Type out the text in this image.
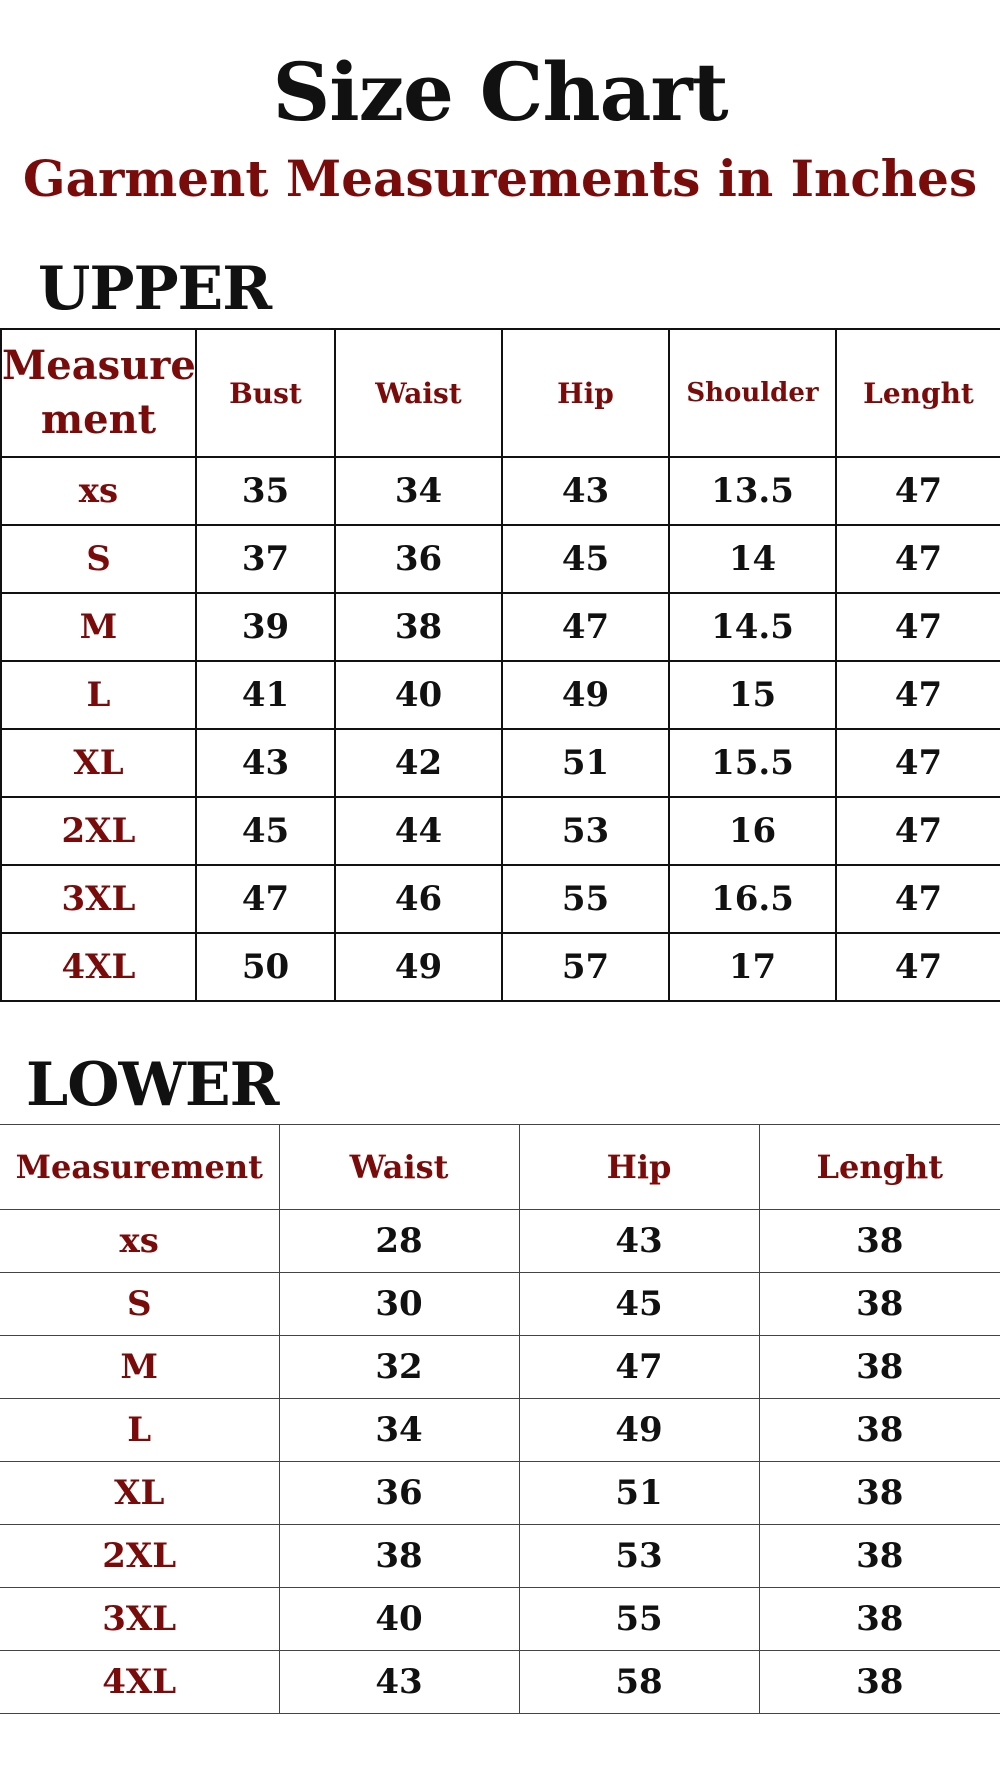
Size Chart
Garment Measurements in Inches
UPPER
Measure ment	Bust	Waist	Hip	Shoulder	Lenght
xs	35	34	43	13.5	47
S	37	36	45	14	47
M	39	38	47	14.5	47
L	41	40	49	15	47
XL	43	42	51	15.5	47
2XL	45	44	53	16	47
3XL	47	46	55	16.5	47
4XL	50	49	57	17	47
LOWER
Measurement	Waist	Hip	Lenght
xs	28	43	38
S	30	45	38
M	32	47	38
L	34	49	38
XL	36	51	38
2XL	38	53	38
3XL	40	55	38
4XL	43	58	38
